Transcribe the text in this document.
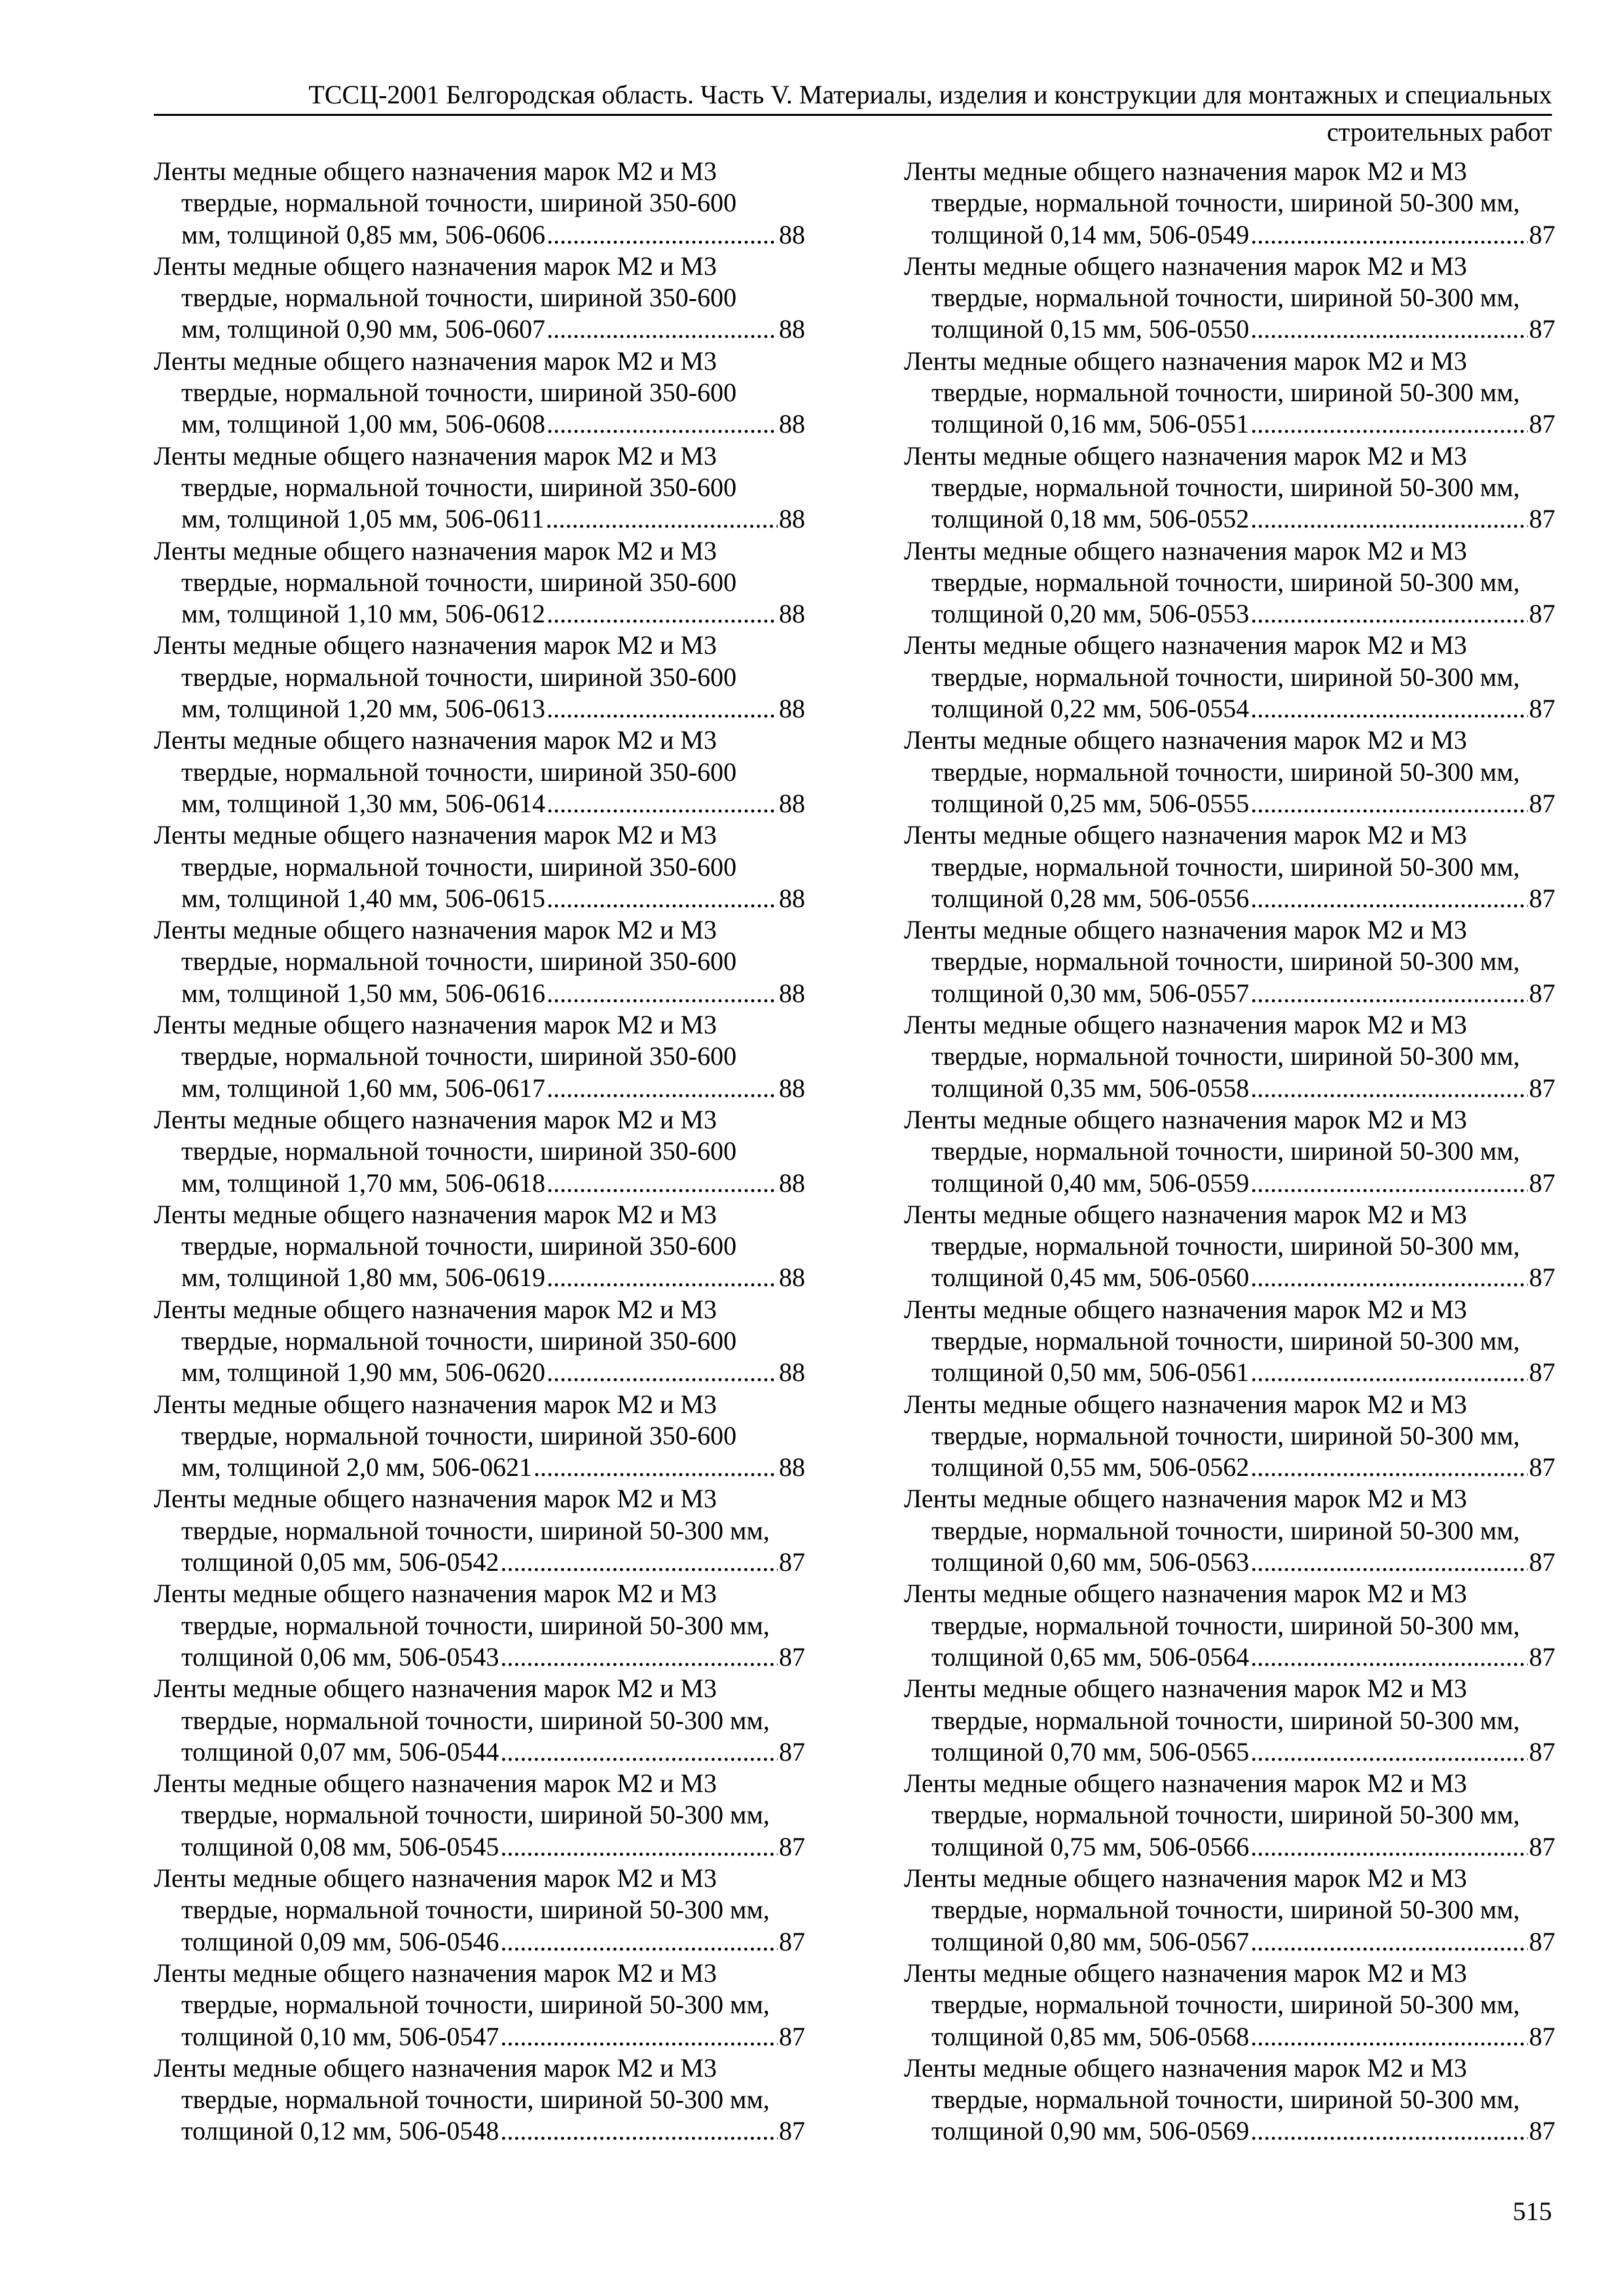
ТССЦ-2001 Белгородская область. Часть V. Материалы, изделия и конструкции для монтажных и специальных
строительных работ
Ленты медные общего назначения марок М2 и М3
твердые, нормальной точности, шириной 350-600
мм, толщиной 0,85 мм, 506-0606 .....	88
Ленты медные общего назначения марок М2 и М3
твердые, нормальной точности, шириной 350-600
мм, толщиной 0,90 мм, 506-0607 .....	88
Ленты медные общего назначения марок М2 и М3
твердые, нормальной точности, шириной 350-600
мм, толщиной 1,00 мм, 506-0608 .....	88
Ленты медные общего назначения марок М2 и М3
твердые, нормальной точности, шириной 350-600
мм, толщиной 1,05 мм, 506-0611 .....	88
Ленты медные общего назначения марок М2 и М3
твердые, нормальной точности, шириной 350-600
мм, толщиной 1,10 мм, 506-0612 .....	88
Ленты медные общего назначения марок М2 и М3
твердые, нормальной точности, шириной 350-600
мм, толщиной 1,20 мм, 506-0613 .....	88
Ленты медные общего назначения марок М2 и М3
твердые, нормальной точности, шириной 350-600
мм, толщиной 1,30 мм, 506-0614 .....	88
Ленты медные общего назначения марок М2 и М3
твердые, нормальной точности, шириной 350-600
мм, толщиной 1,40 мм, 506-0615 .....	88
Ленты медные общего назначения марок М2 и М3
твердые, нормальной точности, шириной 350-600
мм, толщиной 1,50 мм, 506-0616 .....	88
Ленты медные общего назначения марок М2 и М3
твердые, нормальной точности, шириной 350-600
мм, толщиной 1,60 мм, 506-0617 .....	88
Ленты медные общего назначения марок М2 и М3
твердые, нормальной точности, шириной 350-600
мм, толщиной 1,70 мм, 506-0618 .....	88
Ленты медные общего назначения марок М2 и М3
твердые, нормальной точности, шириной 350-600
мм, толщиной 1,80 мм, 506-0619 .....	88
Ленты медные общего назначения марок М2 и М3
твердые, нормальной точности, шириной 350-600
мм, толщиной 1,90 мм, 506-0620 .....	88
Ленты медные общего назначения марок М2 и М3
твердые, нормальной точности, шириной 350-600
мм, толщиной 2,0 мм, 506-0621 .....	88
Ленты медные общего назначения марок М2 и М3
твердые, нормальной точности, шириной 50-300 мм,
толщиной 0,05 мм, 506-0542 .....	87
Ленты медные общего назначения марок М2 и М3
твердые, нормальной точности, шириной 50-300 мм,
толщиной 0,06 мм, 506-0543 .....	87
Ленты медные общего назначения марок М2 и М3
твердые, нормальной точности, шириной 50-300 мм,
толщиной 0,07 мм, 506-0544 .....	87
Ленты медные общего назначения марок М2 и М3
твердые, нормальной точности, шириной 50-300 мм,
толщиной 0,08 мм, 506-0545 .....	87
Ленты медные общего назначения марок М2 и М3
твердые, нормальной точности, шириной 50-300 мм,
толщиной 0,09 мм, 506-0546 .....	87
Ленты медные общего назначения марок М2 и М3
твердые, нормальной точности, шириной 50-300 мм,
толщиной 0,10 мм, 506-0547 .....	87
Ленты медные общего назначения марок М2 и М3
твердые, нормальной точности, шириной 50-300 мм,
толщиной 0,12 мм, 506-0548 .....	87
Ленты медные общего назначения марок М2 и М3
твердые, нормальной точности, шириной 50-300 мм,
толщиной 0,14 мм, 506-0549 .....	87
Ленты медные общего назначения марок М2 и М3
твердые, нормальной точности, шириной 50-300 мм,
толщиной 0,15 мм, 506-0550 .....	87
Ленты медные общего назначения марок М2 и М3
твердые, нормальной точности, шириной 50-300 мм,
толщиной 0,16 мм, 506-0551 .....	87
Ленты медные общего назначения марок М2 и М3
твердые, нормальной точности, шириной 50-300 мм,
толщиной 0,18 мм, 506-0552 .....	87
Ленты медные общего назначения марок М2 и М3
твердые, нормальной точности, шириной 50-300 мм,
толщиной 0,20 мм, 506-0553 .....	87
Ленты медные общего назначения марок М2 и М3
твердые, нормальной точности, шириной 50-300 мм,
толщиной 0,22 мм, 506-0554 .....	87
Ленты медные общего назначения марок М2 и М3
твердые, нормальной точности, шириной 50-300 мм,
толщиной 0,25 мм, 506-0555 .....	87
Ленты медные общего назначения марок М2 и М3
твердые, нормальной точности, шириной 50-300 мм,
толщиной 0,28 мм, 506-0556 .....	87
Ленты медные общего назначения марок М2 и М3
твердые, нормальной точности, шириной 50-300 мм,
толщиной 0,30 мм, 506-0557 .....	87
Ленты медные общего назначения марок М2 и М3
твердые, нормальной точности, шириной 50-300 мм,
толщиной 0,35 мм, 506-0558 .....	87
Ленты медные общего назначения марок М2 и М3
твердые, нормальной точности, шириной 50-300 мм,
толщиной 0,40 мм, 506-0559 .....	87
Ленты медные общего назначения марок М2 и М3
твердые, нормальной точности, шириной 50-300 мм,
толщиной 0,45 мм, 506-0560 .....	87
Ленты медные общего назначения марок М2 и М3
твердые, нормальной точности, шириной 50-300 мм,
толщиной 0,50 мм, 506-0561 .....	87
Ленты медные общего назначения марок М2 и М3
твердые, нормальной точности, шириной 50-300 мм,
толщиной 0,55 мм, 506-0562 .....	87
Ленты медные общего назначения марок М2 и М3
твердые, нормальной точности, шириной 50-300 мм,
толщиной 0,60 мм, 506-0563 .....	87
Ленты медные общего назначения марок М2 и М3
твердые, нормальной точности, шириной 50-300 мм,
толщиной 0,65 мм, 506-0564 .....	87
Ленты медные общего назначения марок М2 и М3
твердые, нормальной точности, шириной 50-300 мм,
толщиной 0,70 мм, 506-0565 .....	87
Ленты медные общего назначения марок М2 и М3
твердые, нормальной точности, шириной 50-300 мм,
толщиной 0,75 мм, 506-0566 .....	87
Ленты медные общего назначения марок М2 и М3
твердые, нормальной точности, шириной 50-300 мм,
толщиной 0,80 мм, 506-0567 .....	87
Ленты медные общего назначения марок М2 и М3
твердые, нормальной точности, шириной 50-300 мм,
толщиной 0,85 мм, 506-0568 .....	87
Ленты медные общего назначения марок М2 и М3
твердые, нормальной точности, шириной 50-300 мм,
толщиной 0,90 мм, 506-0569 .....	87
515
